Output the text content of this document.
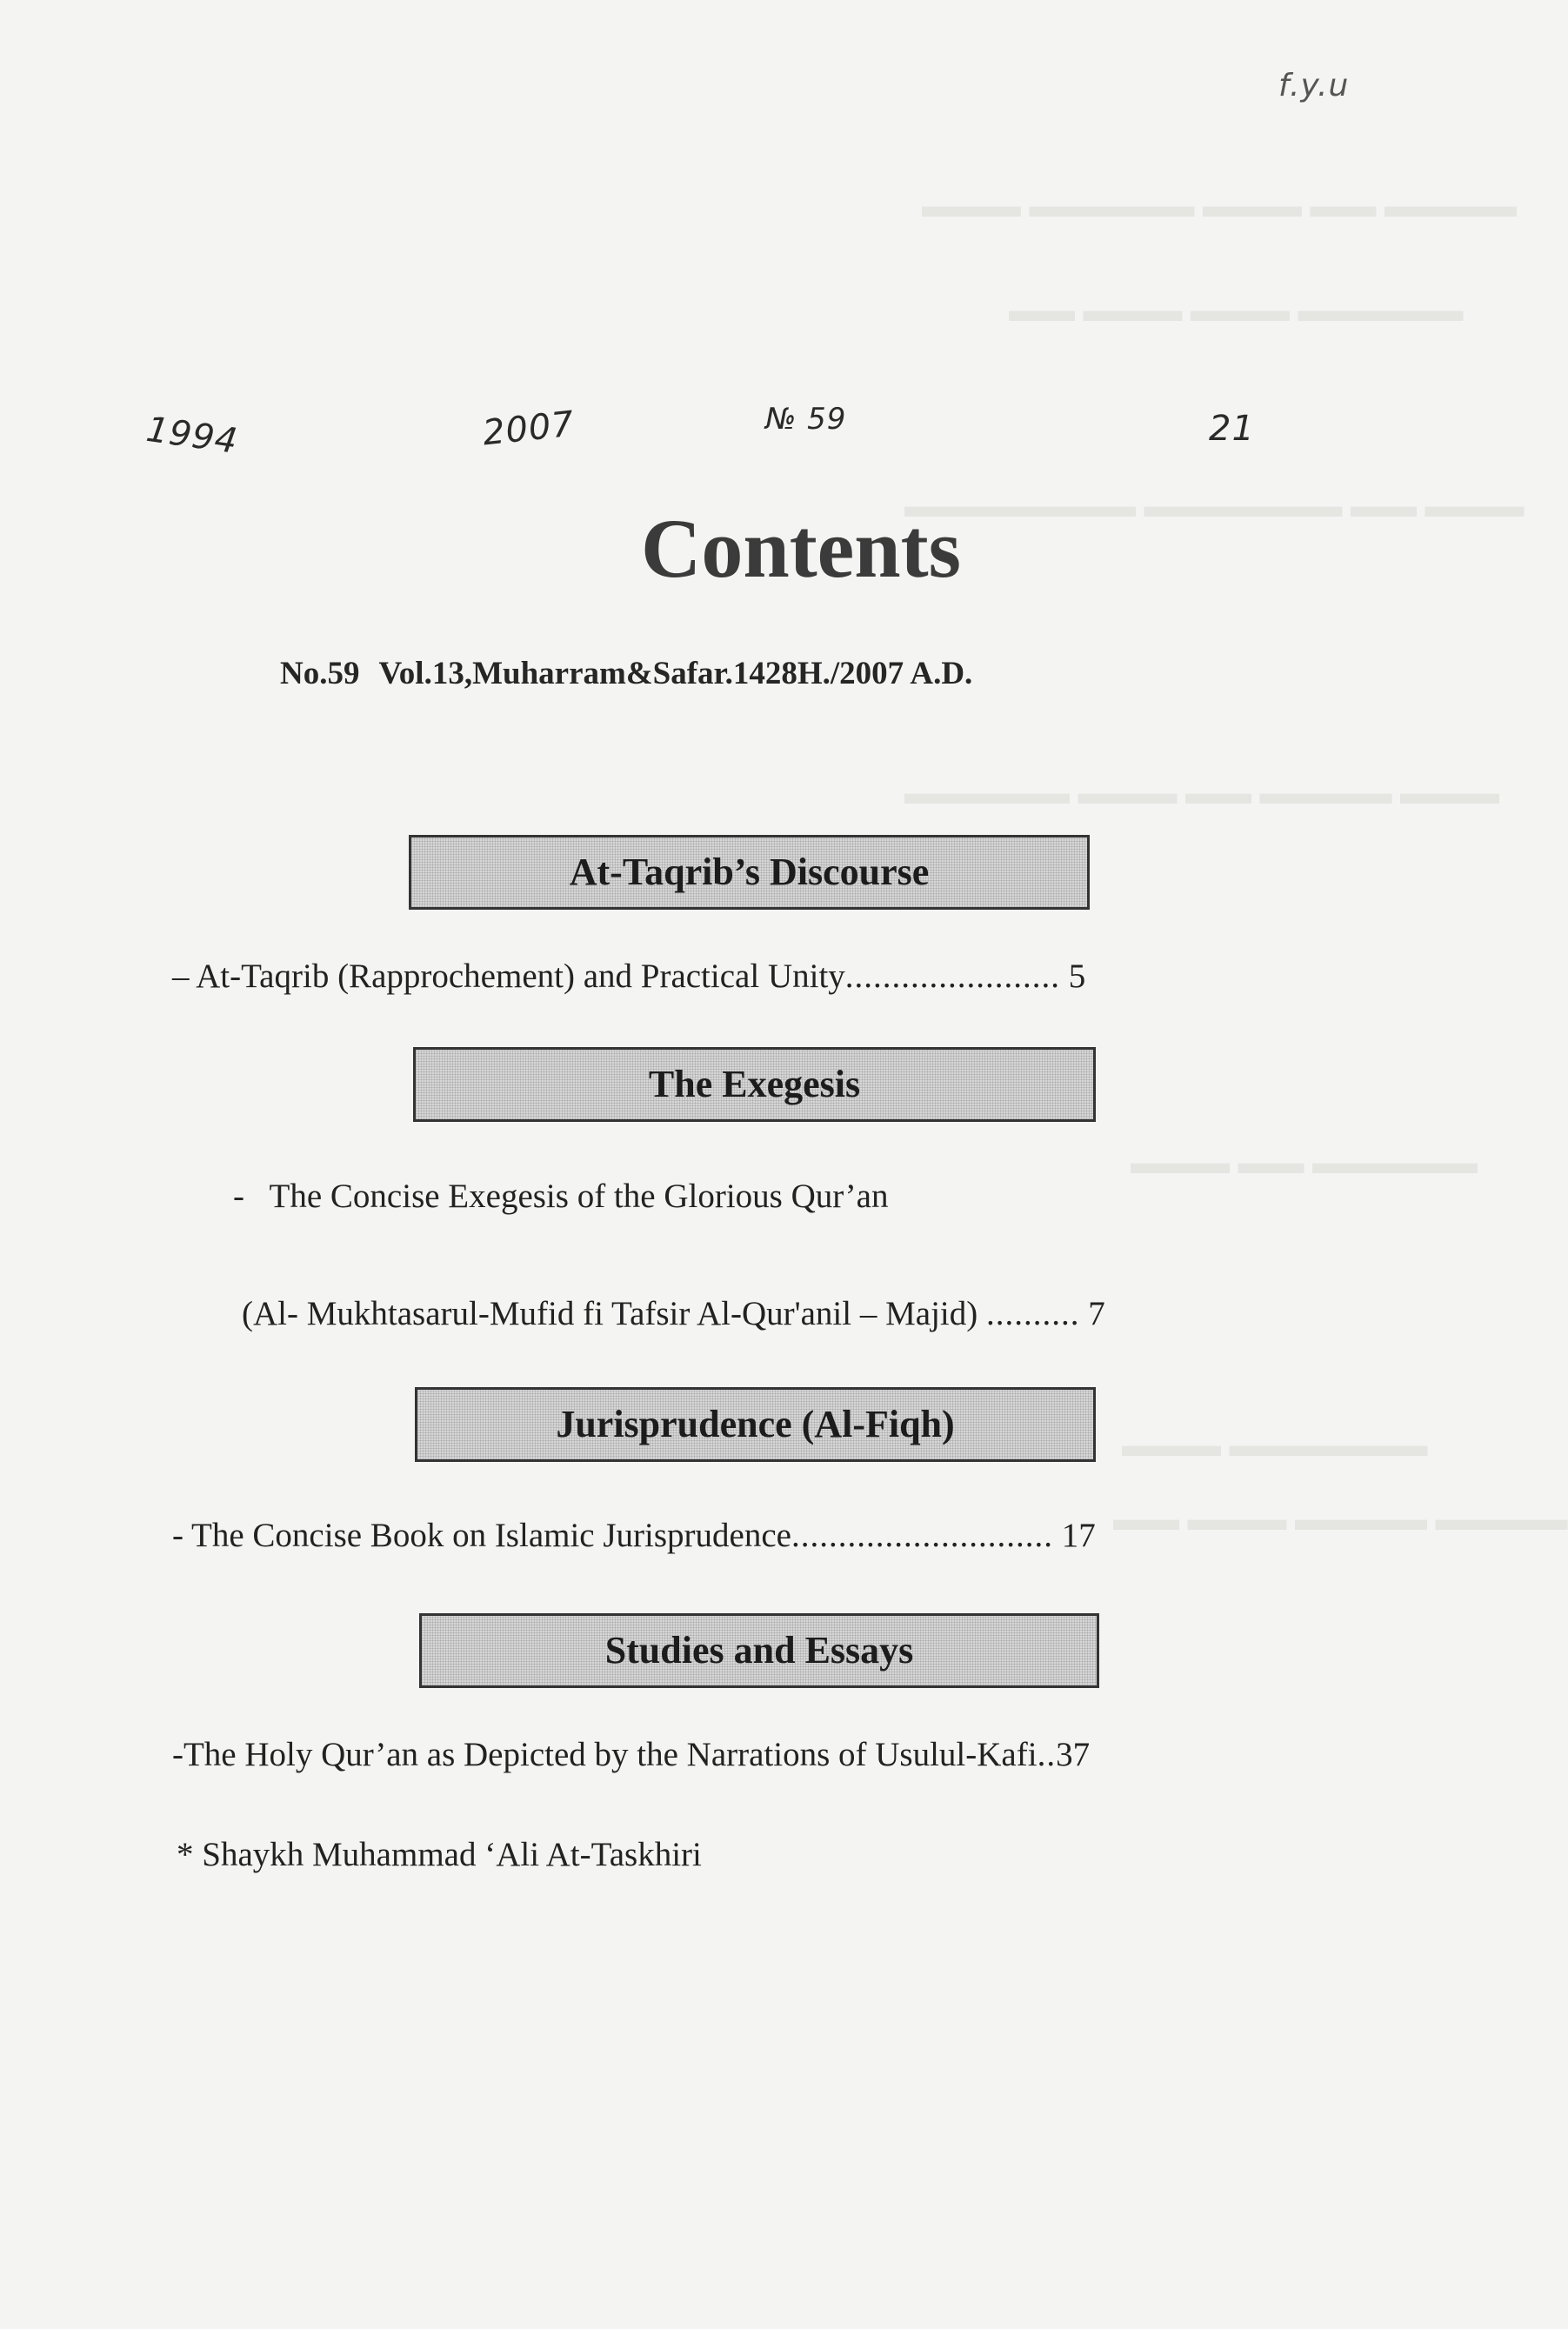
▬▬▬▬ ▬▬ ▬▬▬ ▬▬▬▬▬ ▬▬▬
▬▬▬▬▬ ▬▬▬ ▬▬▬ ▬▬
▬▬▬ ▬▬ ▬▬▬▬▬▬ ▬▬▬▬▬▬▬
▬▬▬ ▬▬▬▬ ▬▬ ▬▬▬ ▬▬▬▬▬
▬▬▬▬▬ ▬▬ ▬▬▬
▬▬▬▬▬▬ ▬▬▬
▬▬▬▬ ▬▬▬▬ ▬▬▬ ▬▬
1994	2007	№ 59	21
f.y.u
Contents
No.59 Vol.13,Muharram&Safar.1428H./2007 A.D.
At-Taqrib’s Discourse
– At-Taqrib (Rapprochement) and Practical Unity....................... 5
The Exegesis
-   The Concise Exegesis of the Glorious Qur’an
(Al- Mukhtasarul-Mufid fi Tafsir Al-Qur'anil – Majid) .......... 7
Jurisprudence (Al-Fiqh)
- The Concise Book on Islamic Jurisprudence............................ 17
Studies and Essays
-The Holy Qur’an as Depicted by the Narrations of Usulul-Kafi..37
* Shaykh Muhammad ‘Ali At-Taskhiri
